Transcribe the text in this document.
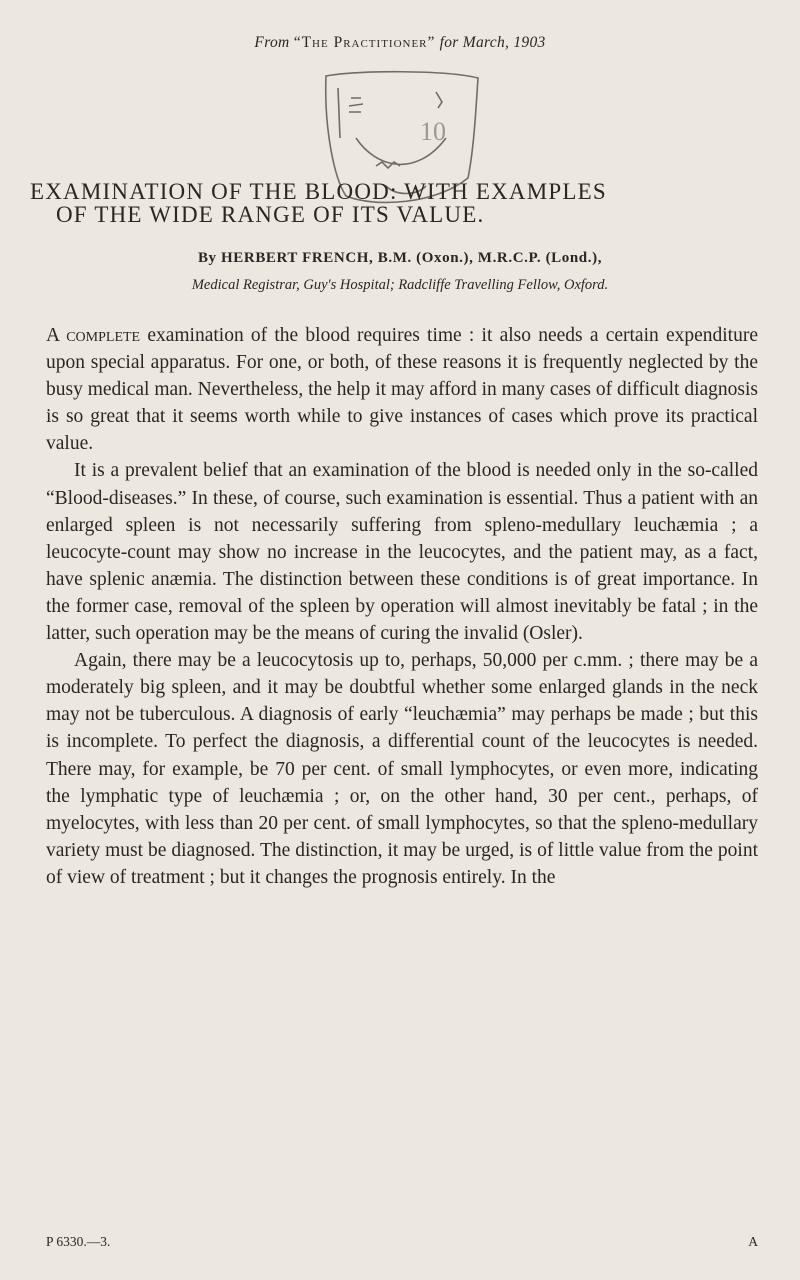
From “The Practitioner” for March, 1903
10
EXAMINATION OF THE BLOOD: WITH EXAMPLES
OF THE WIDE RANGE OF ITS VALUE.
By HERBERT FRENCH, B.M. (Oxon.), M.R.C.P. (Lond.),
Medical Registrar, Guy's Hospital; Radcliffe Travelling Fellow, Oxford.

A complete examination of the blood requires time : it also needs a certain expenditure upon special apparatus. For one, or both, of these reasons it is frequently neglected by the busy medical man. Nevertheless, the help it may afford in many cases of difficult diagnosis is so great that it seems worth while to give instances of cases which prove its practical value.

It is a prevalent belief that an examination of the blood is needed only in the so-called “Blood-diseases.” In these, of course, such examination is essential. Thus a patient with an enlarged spleen is not necessarily suffering from spleno-medullary leuchæmia ; a leucocyte-count may show no increase in the leucocytes, and the patient may, as a fact, have splenic anæmia. The distinction between these conditions is of great importance. In the former case, removal of the spleen by operation will almost inevitably be fatal ; in the latter, such operation may be the means of curing the invalid (Osler).

Again, there may be a leucocytosis up to, perhaps, 50,000 per c.mm. ; there may be a moderately big spleen, and it may be doubtful whether some enlarged glands in the neck may not be tuberculous. A diagnosis of early “leuchæmia” may perhaps be made ; but this is incomplete. To perfect the diagnosis, a differential count of the leucocytes is needed. There may, for example, be 70 per cent. of small lymphocytes, or even more, indicating the lymphatic type of leuchæmia ; or, on the other hand, 30 per cent., perhaps, of myelocytes, with less than 20 per cent. of small lymphocytes, so that the spleno-medullary variety must be diagnosed. The distinction, it may be urged, is of little value from the point of view of treatment ; but it changes the prognosis entirely. In the

P 6330.—3.	A
